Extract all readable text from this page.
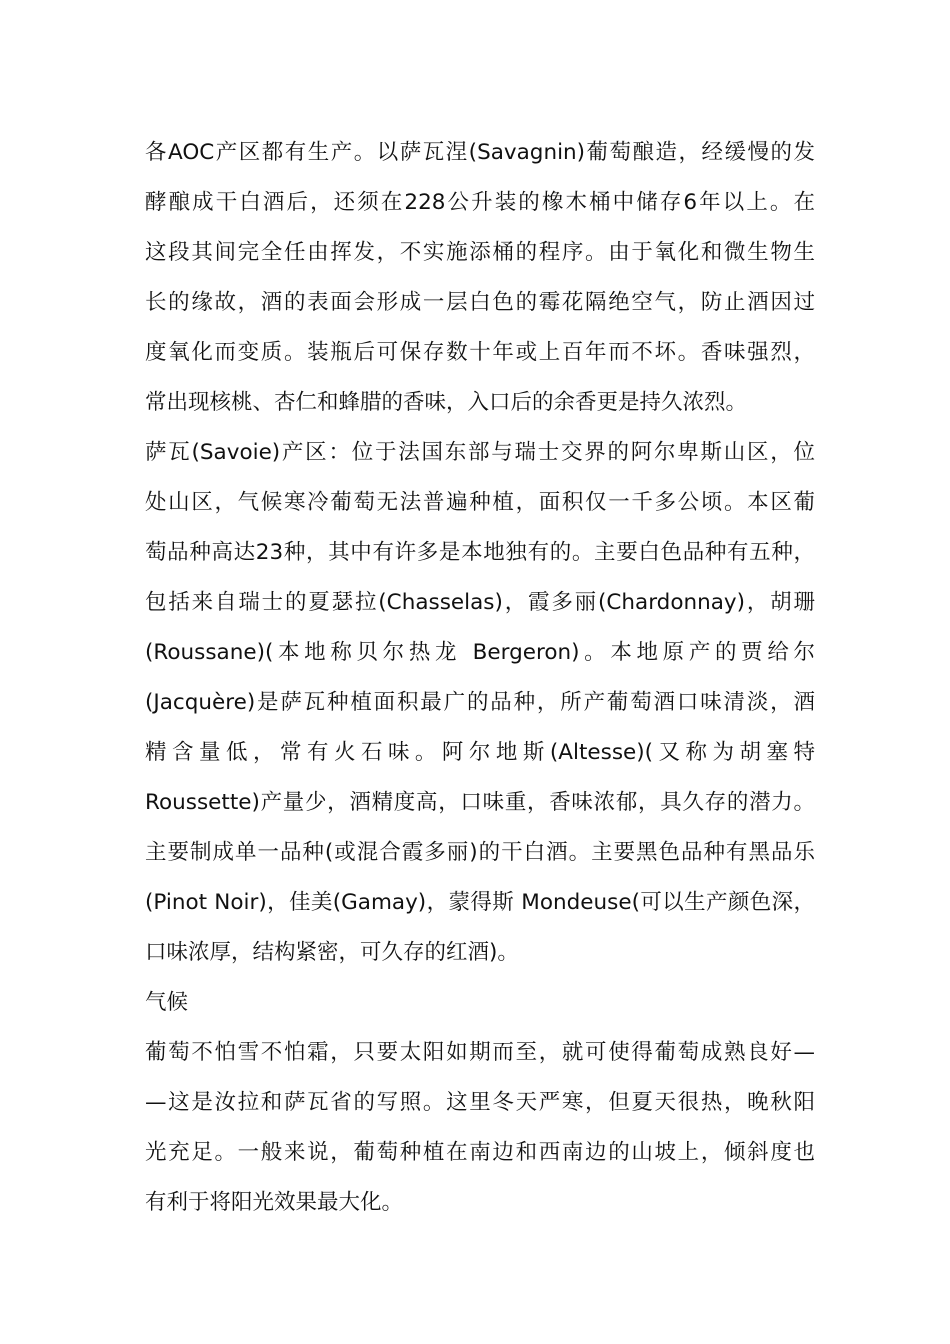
各AOC产区都有生产。以萨瓦涅(Savagnin)葡萄酿造，经缓慢的发
酵酿成干白酒后，还须在228公升装的橡木桶中储存6年以上。在
这段其间完全任由挥发，不实施添桶的程序。由于氧化和微生物生
长的缘故，酒的表面会形成一层白色的霉花隔绝空气，防止酒因过
度氧化而变质。装瓶后可保存数十年或上百年而不坏。香味强烈，
常出现核桃、杏仁和蜂腊的香味，入口后的余香更是持久浓烈。
萨瓦(Savoie)产区：位于法国东部与瑞士交界的阿尔卑斯山区，位
处山区，气候寒冷葡萄无法普遍种植，面积仅一千多公顷。本区葡
萄品种高达23种，其中有许多是本地独有的。主要白色品种有五种，
包括来自瑞士的夏瑟拉(Chasselas)，霞多丽(Chardonnay)，胡珊
(Roussane)(本地称贝尔热龙 Bergeron)。本地原产的贾给尔
(Jacquère)是萨瓦种植面积最广的品种，所产葡萄酒口味清淡，酒
精含量低，常有火石味。阿尔地斯(Altesse)(又称为胡塞特
Roussette)产量少，酒精度高，口味重，香味浓郁，具久存的潜力。
主要制成单一品种(或混合霞多丽)的干白酒。主要黑色品种有黑品乐
(Pinot Noir)，佳美(Gamay)，蒙得斯 Mondeuse(可以生产颜色深，
口味浓厚，结构紧密，可久存的红酒)。
气候
葡萄不怕雪不怕霜，只要太阳如期而至，就可使得葡萄成熟良好—
—这是汝拉和萨瓦省的写照。这里冬天严寒，但夏天很热，晚秋阳
光充足。一般来说，葡萄种植在南边和西南边的山坡上，倾斜度也
有利于将阳光效果最大化。
